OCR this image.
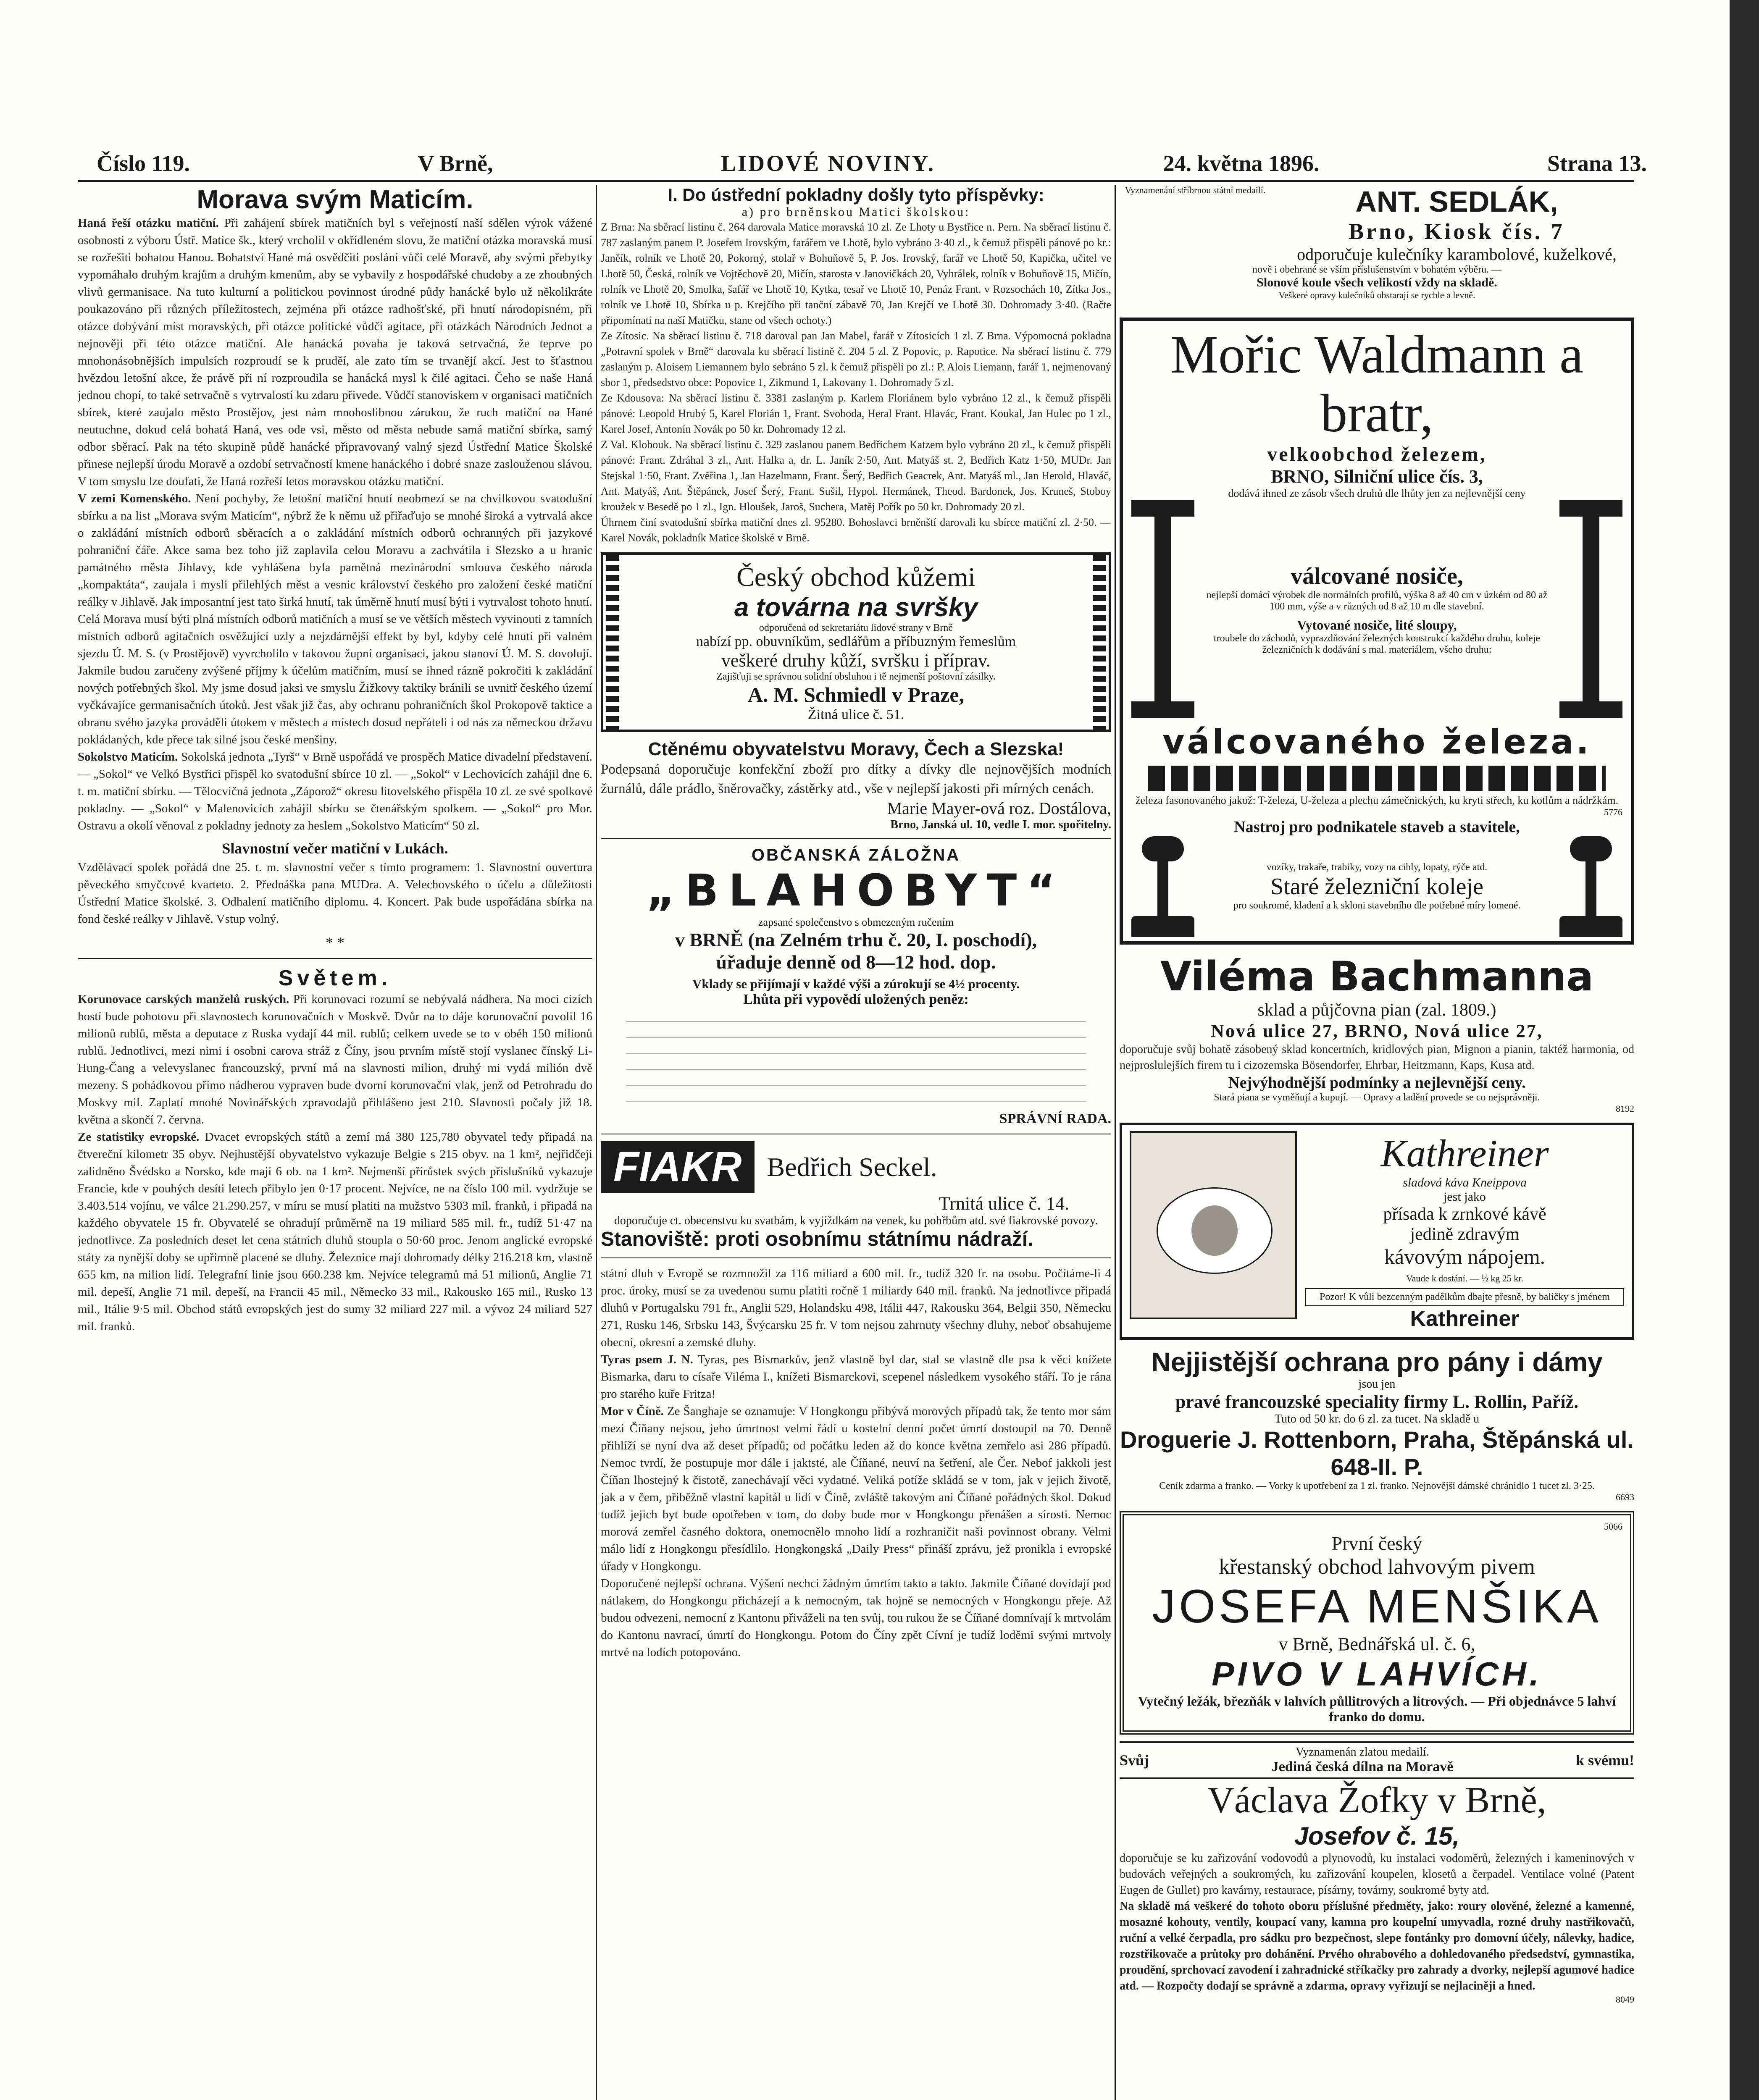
Číslo 119.	V Brně,	LIDOVÉ NOVINY.	24. května 1896.	Strana 13.
Morava svým Maticím.

Haná řeší otázku matiční. Při zahájení sbírek matičních byl s veřejností naší sdělen výrok vážené osobnosti z výboru Ústř. Matice šk., který vrcholil v okřídleném slovu, že matiční otázka moravská musí se rozřešiti bohatou Hanou. Bohatství Hané má osvědčiti poslání vůči celé Moravě, aby svými přebytky vypomáhalo druhým krajům a druhým kmenům, aby se vybavily z hospodářské chudoby a ze zhoubných vlivů germanisace. Na tuto kulturní a politickou povinnost úrodné půdy hanácké bylo už několikráte poukazováno při různých příležitostech, zejména při otázce radhošťské, při hnutí národopisném, při otázce dobývání míst moravských, při otázce politické vůdčí agitace, při otázkách Národních Jednot a nejnověji při této otázce matiční. Ale hanácká povaha je taková setrvačná, že teprve po mnohonásobnějších impulsích rozproudí se k pruděí, ale zato tím se trvanějí akcí. Jest to šťastnou hvězdou letošní akce, že právě při ní rozproudila se hanácká mysl k čilé agitaci. Čeho se naše Haná jednou chopí, to také setrvačně s vytrvalostí ku zdaru přivede. Vůdčí stanoviskem v organisaci matičních sbírek, které zaujalo město Prostějov, jest nám mnohoslibnou zárukou, že ruch matiční na Hané neutuchne, dokud celá bohatá Haná, ves ode vsi, město od města nebude samá matiční sbírka, samý odbor sběrací. Pak na této skupině půdě hanácké připravovaný valný sjezd Ústřední Matice Školské přinese nejlepší úrodu Moravě a ozdobí setrvačností kmene hanáckého i dobré snaze zaslouženou slávou. V tom smyslu lze doufati, že Haná rozřeší letos moravskou otázku matiční.

V zemi Komenského. Není pochyby, že letošní matiční hnutí neobmezí se na chvilkovou svatodušní sbírku a na list „Morava svým Maticím“, nýbrž že k němu už přiřaďujo se mnohé široká a vytrvalá akce o zakládání místních odborů sběracích a o zakládání místních odborů ochranných při jazykové pohraniční čáře. Akce sama bez toho již zaplavila celou Moravu a zachvátila i Slezsko a u hranic památného města Jihlavy, kde vyhlášena byla pamětná mezinárodní smlouva českého národa „kompaktáta“, zaujala i mysli přilehlých měst a vesnic království českého pro založení české matiční reálky v Jihlavě. Jak imposantní jest tato širká hnutí, tak úměrně hnutí musí býti i vytrvalost tohoto hnutí. Celá Morava musí býti plná místních odborů matičních a musí se ve větších městech vyvinouti z tamních místních odborů agitačních osvěžující uzly a nejzdárnější effekt by byl, kdyby celé hnutí při valném sjezdu Ú. M. S. (v Prostějově) vyvrcholilo v takovou župní organisaci, jakou stanoví Ú. M. S. dovolují. Jakmile budou zaručeny zvýšené příjmy k účelům matičním, musí se ihned rázně pokročiti k zakládání nových potřebných škol. My jsme dosud jaksi ve smyslu Žižkovy taktiky bránili se uvnitř českého území vyčkávajíce germanisačních útoků. Jest však již čas, aby ochranu pohraničních škol Prokopově taktice a obranu svého jazyka prováděli útokem v městech a místech dosud nepřáteli i od nás za německou državu pokládaných, kde přece tak silné jsou české menšiny.

Sokolstvo Maticím. Sokolská jednota „Tyrš“ v Brně uspořádá ve prospěch Matice divadelní představení. — „Sokol“ ve Velkó Bystřici přispěl ko svatodušní sbírce 10 zl. — „Sokol“ v Lechovicích zahájil dne 6. t. m. matiční sbírku. — Tělocvičná jednota „Záporož“ okresu litovelského přispěla 10 zl. ze své spolkové pokladny. — „Sokol“ v Malenovicích zahájil sbírku se čtenářským spolkem. — „Sokol“ pro Mor. Ostravu a okolí věnoval z pokladny jednoty za heslem „Sokolstvo Maticím“ 50 zl.

Slavnostní večer matiční v Lukách.

Vzdělávací spolek pořádá dne 25. t. m. slavnostní večer s tímto programem: 1. Slavnostní ouvertura pěveckého smyčcové kvarteto. 2. Přednáška pana MUDra. A. Velechovského o účelu a důležitosti Ústřední Matice školské. 3. Odhalení matičního diplomu. 4. Koncert. Pak bude uspořádána sbírka na fond české reálky v Jihlavě. Vstup volný.

* *
Světem.

Korunovace carských manželů ruských. Při korunovaci rozumí se nebývalá nádhera. Na moci cizích hostí bude pohotovu při slavnostech korunovačních v Moskvě. Dvůr na to dáje korunovační povolil 16 milionů rublů, města a deputace z Ruska vydají 44 mil. rublů; celkem uvede se to v obéh 150 milionů rublů. Jednotlivci, mezi nimi i osobni carova stráž z Číny, jsou prvním místě stojí vyslanec čínský Li-Hung-Čang a velevyslanec francouzský, první má na slavnosti milion, druhý mi vydá milión dvě mezeny. S pohádkovou přímo nádherou vypraven bude dvorní korunovační vlak, jenž od Petrohradu do Moskvy mil. Zaplatí mnohé Novinářských zpravodajů přihlášeno jest 210. Slavnosti počaly již 18. května a skončí 7. června.

Ze statistiky evropské. Dvacet evropských států a zemí má 380 125,780 obyvatel tedy připadá na čtvereční kilometr 35 obyv. Nejhustější obyvatelstvo vykazuje Belgie s 215 obyv. na 1 km², nejřidčeji zalidněno Švédsko a Norsko, kde mají 6 ob. na 1 km². Nejmenší přírůstek svých příslušníků vykazuje Francie, kde v pouhých desíti letech přibylo jen 0·17 procent. Nejvíce, ne na číslo 100 mil. vydržuje se 3.403.514 vojínu, ve válce 21.290.257, v míru se musí platiti na mužstvo 5303 mil. franků, i připadá na každého obyvatele 15 fr. Obyvatelé se ohradují průměrně na 19 miliard 585 mil. fr., tudíž 51·47 na jednotlivce. Za posledních deset let cena státních dluhů stoupla o 50·60 proc. Jenom anglické evropské státy za nynější doby se upřimně placené se dluhy. Železnice mají dohromady délky 216.218 km, vlastně 655 km, na milion lidí. Telegrafní linie jsou 660.238 km. Nejvíce telegramů má 51 milionů, Anglie 71 mil. depeší, Anglie 71 mil. depeší, na Francii 45 mil., Německo 33 mil., Rakousko 165 mil., Rusko 13 mil., Itálie 9·5 mil. Obchod států evropských jest do sumy 32 miliard 227 mil. a vývoz 24 miliard 527 mil. franků.

I. Do ústřední pokladny došly tyto příspěvky:
a) pro brněnskou Matici školskou:

Z Brna: Na sběrací listinu č. 264 darovala Matice moravská 10 zl. Ze Lhoty u Bystřice n. Pern. Na sběrací listinu č. 787 zaslaným panem P. Josefem Irovským, farářem ve Lhotě, bylo vybráno 3·40 zl., k čemuž přispěli pánové po kr.: Janěík, rolník ve Lhotě 20, Pokorný, stolař v Bohuňově 5, P. Jos. Irovský, farář ve Lhotě 50, Kapička, učitel ve Lhotě 50, Česká, rolník ve Vojtěchově 20, Mičín, starosta v Janovičkách 20, Vyhrálek, rolník v Bohuňově 15, Mičín, rolník ve Lhotě 20, Smolka, šafář ve Lhotě 10, Kytka, tesař ve Lhotě 10, Penáz Frant. v Rozsochách 10, Zítka Jos., rolník ve Lhotě 10, Sbírka u p. Krejčího při tanční zábavě 70, Jan Krejčí ve Lhotě 30. Dohromady 3·40. (Račte připomínati na naší Matičku, stane od všech ochoty.)

Ze Zítosic. Na sběrací listinu č. 718 daroval pan Jan Mabel, farář v Zítosicích 1 zl. Z Brna. Výpomocná pokladna „Potravní spolek v Brně“ darovala ku sběrací listině č. 204 5 zl. Z Popovic, p. Rapotice. Na sběrací listinu č. 779 zaslaným p. Aloisem Liemannem bylo sebráno 5 zl. k čemuž přispěli po zl.: P. Alois Liemann, farář 1, nejmenovaný sbor 1, předsedstvo obce: Popovice 1, Zikmund 1, Lakovany 1. Dohromady 5 zl.

Ze Kdousova: Na sběrací listinu č. 3381 zaslaným p. Karlem Floriánem bylo vybráno 12 zl., k čemuž přispěli pánové: Leopold Hrubý 5, Karel Florián 1, Frant. Svoboda, Heral Frant. Hlavác, Frant. Koukal, Jan Hulec po 1 zl., Karel Josef, Antonín Novák po 50 kr. Dohromady 12 zl.

Z Val. Klobouk. Na sběrací listinu č. 329 zaslanou panem Bedřichem Katzem bylo vybráno 20 zl., k čemuž přispěli pánové: Frant. Zdráhal 3 zl., Ant. Halka a, dr. L. Janík 2·50, Ant. Matyáš st. 2, Bedřich Katz 1·50, MUDr. Jan Stejskal 1·50, Frant. Zvěřina 1, Jan Hazelmann, Frant. Šerý, Bedřich Geacrek, Ant. Matyáš ml., Jan Herold, Hlaváč, Ant. Matyáš, Ant. Štěpánek, Josef Šerý, Frant. Sušil, Hypol. Hermánek, Theod. Bardonek, Jos. Kruneš, Stoboy kroužek v Besedě po 1 zl., Ign. Hloušek, Jaroš, Suchera, Matěj Pořík po 50 kr. Dohromady 20 zl.

Úhrnem činí svatodušní sbírka matiční dnes zl. 95280. Bohoslavci brněnští darovali ku sbírce matiční zl. 2·50. — Karel Novák, pokladník Matice školské v Brně.

Český obchod kůžemi
a továrna na svršky
odporučená od sekretariátu lidové strany v Brně
nabízí pp. obuvníkům, sedlářům a příbuzným řemeslům
veškeré druhy kůží, svršku i příprav.
Zajišťuji se správnou solidní obsluhou i tě nejmenší poštovní zásilky.
A. M. Schmiedl v Praze,
Žitná ulice č. 51.
Ctěnému obyvatelstvu Moravy, Čech a Slezska!

Podepsaná doporučuje konfekční zboží pro dítky a dívky dle nejnovějších modních žurnálů, dále prádlo, šněrovačky, zástěrky atd., vše v nejlepší jakosti při mírných cenách.

Marie Mayer-ová roz. Dostálova,
Brno, Janská ul. 10, vedle I. mor. spořitelny.
OBČANSKÁ ZÁLOŽNA
„BLAHOBYT“
zapsané společenstvo s obmezeným ručením
v BRNĚ (na Zelném trhu č. 20, I. poschodí),
úřaduje denně od 8—12 hod. dop.
Vklady se přijímají v každé výši a zúrokují se 4½ procenty.
Lhůta při vypovědí uložených peněz:
SPRÁVNÍ RADA.
FIAKR Bedřich Seckel.
Trnitá ulice č. 14.
doporučuje ct. obecenstvu ku svatbám, k vyjíždkám na venek, ku pohřbům atd. své fiakrovské povozy.
Stanoviště: proti osobnímu státnímu nádraží.

státní dluh v Evropě se rozmnožil za 116 miliard a 600 mil. fr., tudíž 320 fr. na osobu. Počítáme-li 4 proc. úroky, musí se za uvedenou sumu platiti ročně 1 miliardy 640 mil. franků. Na jednotlivce připadá dluhů v Portugalsku 791 fr., Anglii 529, Holandsku 498, Itálii 447, Rakousku 364, Belgii 350, Německu 271, Rusku 146, Srbsku 143, Švýcarsku 25 fr. V tom nejsou zahrnuty všechny dluhy, neboť obsahujeme obecní, okresní a zemské dluhy.

Tyras psem J. N. Tyras, pes Bismarkův, jenž vlastně byl dar, stal se vlastně dle psa k věci knížete Bismarka, daru to císaře Viléma I., knížeti Bismarckovi, scepenel následkem vysokého stáří. To je rána pro starého kuře Fritza!

Mor v Číně. Ze Šanghaje se oznamuje: V Hongkongu přibývá morových případů tak, že tento mor sám mezi Číňany nejsou, jeho úmrtnost velmi řádí u kostelní denní počet úmrtí dostoupil na 70. Denně přihlíží se nyní dva až deset případů; od počátku leden až do konce května zemřelo asi 286 případů. Nemoc tvrdí, že postupuje mor dále i jaktsté, ale Číňané, neuví na šetření, ale Čer. Nebof jakkoli jest Číňan lhostejný k čistotě, zanechávají věci vydatné. Veliká potíže skládá se v tom, jak v jejich životě, jak a v čem, přiběžně vlastní kapitál u lidí v Číně, zvláště takovým ani Číňané pořádných škol. Dokud tudíž jejich byt bude opotřeben v tom, do doby bude mor v Hongkongu přenášen a sírosti. Nemoc morová zemřel časného doktora, onemocnělo mnoho lidí a rozhraničit naši povinnost obrany. Velmi málo lidí z Hongkongu přesídlilo. Hongkongská „Daily Press“ přináší zprávu, jež pronikla i evropské úřady v Hongkongu.

Doporučené nejlepší ochrana. Výšení nechci žádným úmrtím takto a takto. Jakmile Číňané dovídají pod nátlakem, do Hongkongu přicházejí a k nemocným, tak hojně se nemocných v Hongkongu přeje. Až budou odvezeni, nemocní z Kantonu přiváželi na ten svůj, tou rukou že se Číňané domnívají k mrtvolám do Kantonu navrací, úmrtí do Hongkongu. Potom do Číny zpět Cívní je tudíž loděmi svými mrtvoly mrtvé na lodích potopováno.

Vyznamenání stříbrnou státní medailí.	ANT. SEDLÁK,
Brno, Kiosk čís. 7
odporučuje kulečníky karambolové, kuželkové,
nově i obehrané se vším příslušenstvím v bohatém výběru. —
Slonové koule všech velikostí vždy na skladě.
Veškeré opravy kulečníků obstarají se rychle a levně.
Mořic Waldmann a bratr,
velkoobchod železem,
BRNO, Silniční ulice čís. 3,
dodává ihned ze zásob všech druhů dle lhůty jen za nejlevnější ceny
válcované nosiče,
nejlepší domácí výrobek dle normálních profilů, výška 8 až 40 cm v úzkém od 80 až 100 mm, výše a v různých od 8 až 10 m dle stavební.
Vytované nosiče, lité sloupy,
troubele do záchodů, vyprazdňování železných konstrukcí každého druhu, koleje železničních k dodávání s mal. materiálem, všeho druhu:
válcovaného železa.
železa fasonovaného jakož: T-železa, U-železa a plechu zámečnických, ku kryti střech, ku kotlům a nádržkám.
5776
Nastroj pro podnikatele staveb a stavitele,
vozíky, trakaře, trabiky, vozy na cihly, lopaty, rýče atd.
Staré železniční koleje
pro soukromé, kladení a k skloni stavebního dle potřebné míry lomené.
Viléma Bachmanna
sklad a půjčovna pian (zal. 1809.)
Nová ulice 27, BRNO, Nová ulice 27,

doporučuje svůj bohatě zásobený sklad koncertních, kridlových pian, Mignon a pianin, taktéž harmonia, od nejproslulejších firem tu i cizozemska Bösendorfer, Ehrbar, Heitzmann, Kaps, Kusa atd.

Nejvýhodnější podmínky a nejlevnější ceny.
Stará piana se vyměňují a kupují. — Opravy a ladění provede se co nejsprávněji.
8192
Kathreiner
sladová káva Kneippova
jest jako
přísada k zrnkové kávě
jedině zdravým
kávovým nápojem.
Vaude k dostání. — ½ kg 25 kr.
Pozor! K vůli bezcenným padělkům dbajte přesně, by balíčky s jménem
Kathreiner
Nejjistější ochrana pro pány i dámy
jsou jen
pravé francouzské speciality firmy L. Rollin, Paříž.
Tuto od 50 kr. do 6 zl. za tucet. Na skladě u
Droguerie J. Rottenborn, Praha, Štěpánská ul. 648-II. P.
Ceník zdarma a franko. — Vorky k upotřebení za 1 zl. franko. Nejnovější dámské chránidlo 1 tucet zl. 3·25.
6693
5066
První český
křestanský obchod lahvovým pivem
JOSEFA MENŠIKA
v Brně, Bednářská ul. č. 6,
PIVO V LAHVÍCH.
Vytečný ležák, březňák v lahvích půllitrových a litrových. — Při objednávce 5 lahví franko do domu.
Svůj	Vyznamenán zlatou medailí.
Jediná česká dílna na Moravě	k svému!
Václava Žofky v Brně,
Josefov č. 15,

doporučuje se ku zařizování vodovodů a plynovodů, ku instalaci vodoměrů, železných i kameninových v budovách veřejných a soukromých, ku zařizování koupelen, klosetů a čerpadel. Ventilace volné (Patent Eugen de Gullet) pro kavárny, restaurace, písárny, továrny, soukromé byty atd.

Na skladě má veškeré do tohoto oboru příslušné předměty, jako: roury olověné, železné a kamenné, mosazné kohouty, ventily, koupací vany, kamna pro koupelní umyvadla, rozné druhy nastřikovačů, ruční a velké čerpadla, pro sádku pro bezpečnost, slepe fontánky pro domovní účely, nálevky, hadice, rozstřikovače a průtoky pro dohánění. Prvého ohrabového a dohledovaného předsedství, gymnastika, proudění, sprchovací zavodení i zahradnické stříkačky pro zahrady a dvorky, nejlepší agumové hadice atd. — Rozpočty dodají se správně a zdarma, opravy vyřizují se nejlaciněji a hned.

8049
